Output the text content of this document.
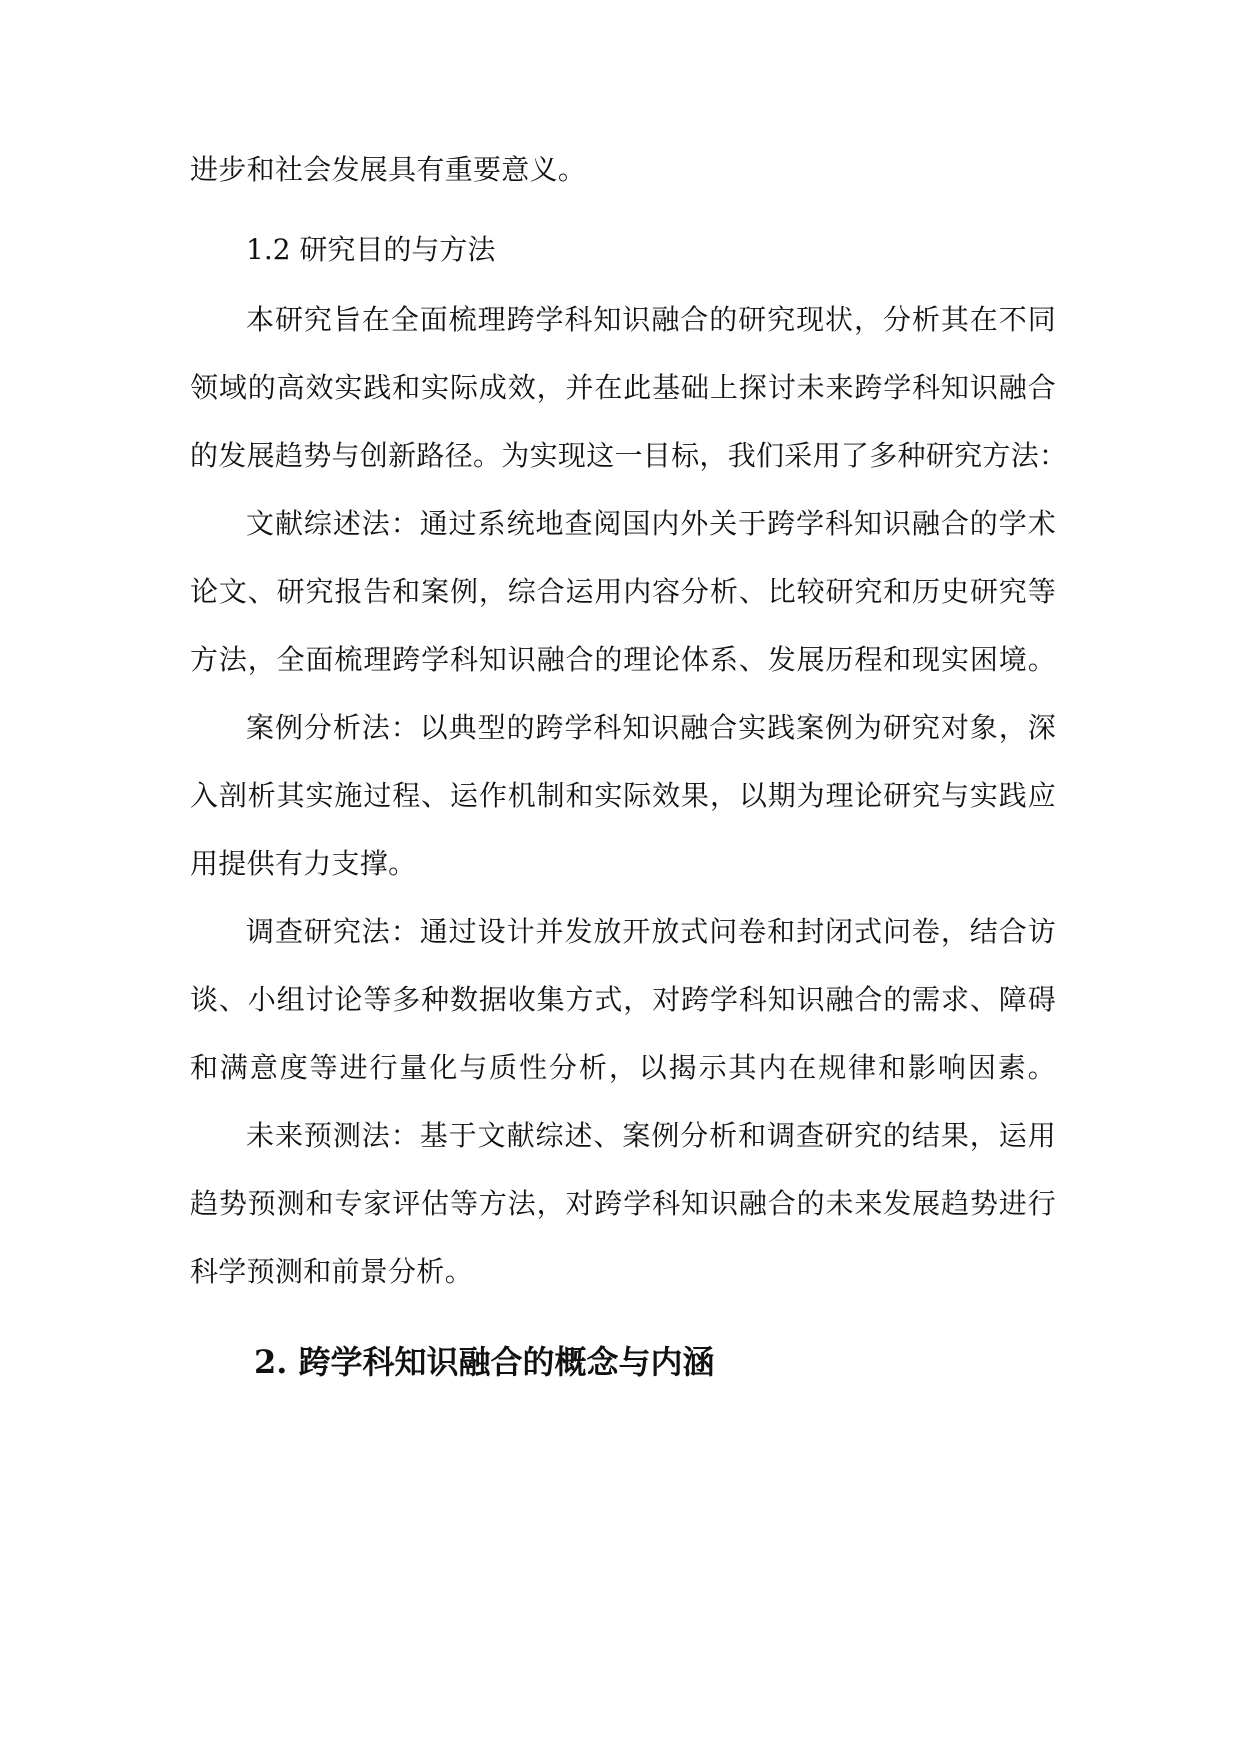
进步和社会发展具有重要意义。

1.2 研究目的与方法

本研究旨在全面梳理跨学科知识融合的研究现状，分析其在不同

领域的高效实践和实际成效，并在此基础上探讨未来跨学科知识融合

的发展趋势与创新路径。为实现这一目标，我们采用了多种研究方法：

文献综述法：通过系统地查阅国内外关于跨学科知识融合的学术

论文、研究报告和案例，综合运用内容分析、比较研究和历史研究等

方法，全面梳理跨学科知识融合的理论体系、发展历程和现实困境。

案例分析法：以典型的跨学科知识融合实践案例为研究对象，深

入剖析其实施过程、运作机制和实际效果，以期为理论研究与实践应

用提供有力支撑。

调查研究法：通过设计并发放开放式问卷和封闭式问卷，结合访

谈、小组讨论等多种数据收集方式，对跨学科知识融合的需求、障碍

和满意度等进行量化与质性分析，以揭示其内在规律和影响因素。

未来预测法：基于文献综述、案例分析和调查研究的结果，运用

趋势预测和专家评估等方法，对跨学科知识融合的未来发展趋势进行

科学预测和前景分析。

2. 跨学科知识融合的概念与内涵
